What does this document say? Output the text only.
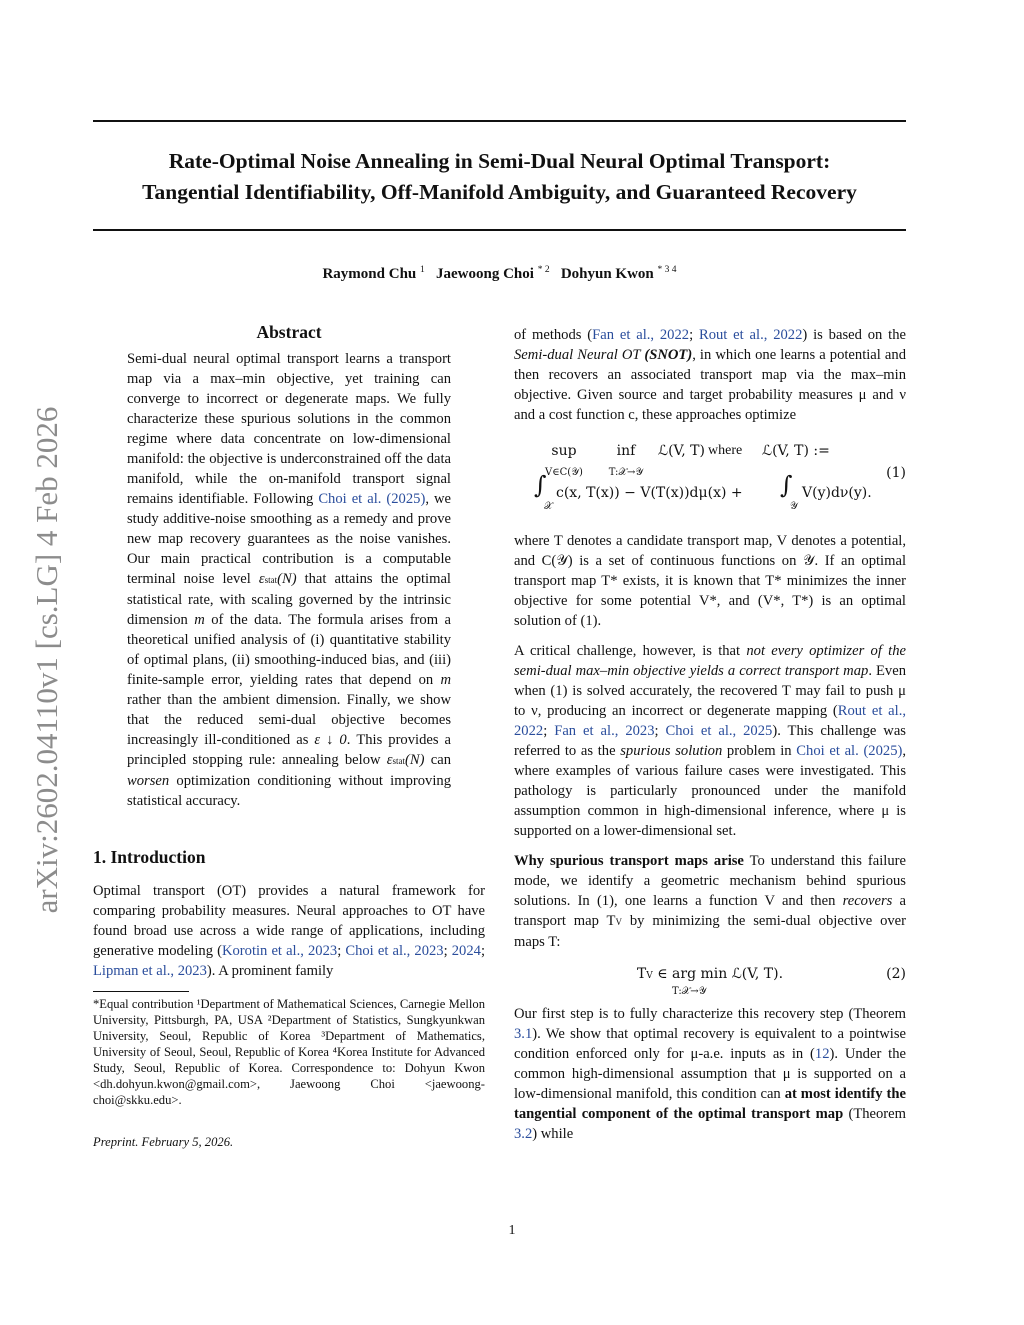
Rate-Optimal Noise Annealing in Semi-Dual Neural Optimal Transport:
Tangential Identifiability, Off-Manifold Ambiguity, and Guaranteed Recovery
Raymond Chu $^1$ Jaewoong Choi $^{* 2}$ Dohyun Kwon $^{* 3 4}$
arXiv:2602.04110v1 [cs.LG] 4 Feb 2026
Abstract
Semi-dual neural optimal transport learns a transport map via a max–min objective, yet training can converge to incorrect or degenerate maps. We fully characterize these spurious solutions in the common regime where data concentrate on low-dimensional manifold: the objective is underconstrained off the data manifold, while the on-manifold transport signal remains identifiable. Following Choi et al. (2025), we study additive-noise smoothing as a remedy and prove new map recovery guarantees as the noise vanishes. Our main practical contribution is a computable terminal noise level εstat(N) that attains the optimal statistical rate, with scaling governed by the intrinsic dimension m of the data. The formula arises from a theoretical unified analysis of (i) quantitative stability of optimal plans, (ii) smoothing-induced bias, and (iii) finite-sample error, yielding rates that depend on m rather than the ambient dimension. Finally, we show that the reduced semi-dual objective becomes increasingly ill-conditioned as ε ↓ 0. This provides a principled stopping rule: annealing below εstat(N) can worsen optimization conditioning without improving statistical accuracy.
1. Introduction

Optimal transport (OT) provides a natural framework for comparing probability measures. Neural approaches to OT have found broad use across a wide range of applications, including generative modeling (Korotin et al., 2023; Choi et al., 2023; 2024; Lipman et al., 2023). A prominent family

*Equal contribution ¹Department of Mathematical Sciences, Carnegie Mellon University, Pittsburgh, PA, USA ²Department of Statistics, Sungkyunkwan University, Seoul, Republic of Korea ³Department of Mathematics, University of Seoul, Seoul, Republic of Korea ⁴Korea Institute for Advanced Study, Seoul, Republic of Korea. Correspondence to: Dohyun Kwon <dh.dohyun.kwon@gmail.com>, Jaewoong Choi <jaewoong-choi@skku.edu>.
Preprint. February 5, 2026.

of methods (Fan et al., 2022; Rout et al., 2022) is based on the Semi-dual Neural OT (SNOT), in which one learns a potential and then recovers an associated transport map via the max–min objective. Given source and target probability measures μ and ν and a cost function c, these approaches optimize

sup
V∈C(𝒴)
inf
T:𝒳→𝒴
ℒ(V, T) where ℒ(V, T) :=
∫
𝒳
c(x, T(x)) − V(T(x))dμ(x) + ∫
𝒴
V(y)dν(y).
(1)

where T denotes a candidate transport map, V denotes a potential, and C(𝒴) is a set of continuous functions on 𝒴. If an optimal transport map T* exists, it is known that T* minimizes the inner objective for some potential V*, and (V*, T*) is an optimal solution of (1).

A critical challenge, however, is that not every optimizer of the semi-dual max–min objective yields a correct transport map. Even when (1) is solved accurately, the recovered T may fail to push μ to ν, producing an incorrect or degenerate mapping (Rout et al., 2022; Fan et al., 2023; Choi et al., 2025). This challenge was referred to as the spurious solution problem in Choi et al. (2025), where examples of various failure cases were investigated. This pathology is particularly pronounced under the manifold assumption common in high-dimensional inference, where μ is supported on a lower-dimensional set.

Why spurious transport maps arise To understand this failure mode, we identify a geometric mechanism behind spurious solutions. In (1), one learns a function V and then recovers a transport map TV by minimizing the semi-dual objective over maps T:

TV ∈ arg min ℒ(V, T).
T:𝒳→𝒴
(2)

Our first step is to fully characterize this recovery step (Theorem 3.1). We show that optimal recovery is equivalent to a pointwise condition enforced only for μ-a.e. inputs as in (12). Under the common high-dimensional assumption that μ is supported on a low-dimensional manifold, this condition can at most identify the tangential component of the optimal transport map (Theorem 3.2) while

1
